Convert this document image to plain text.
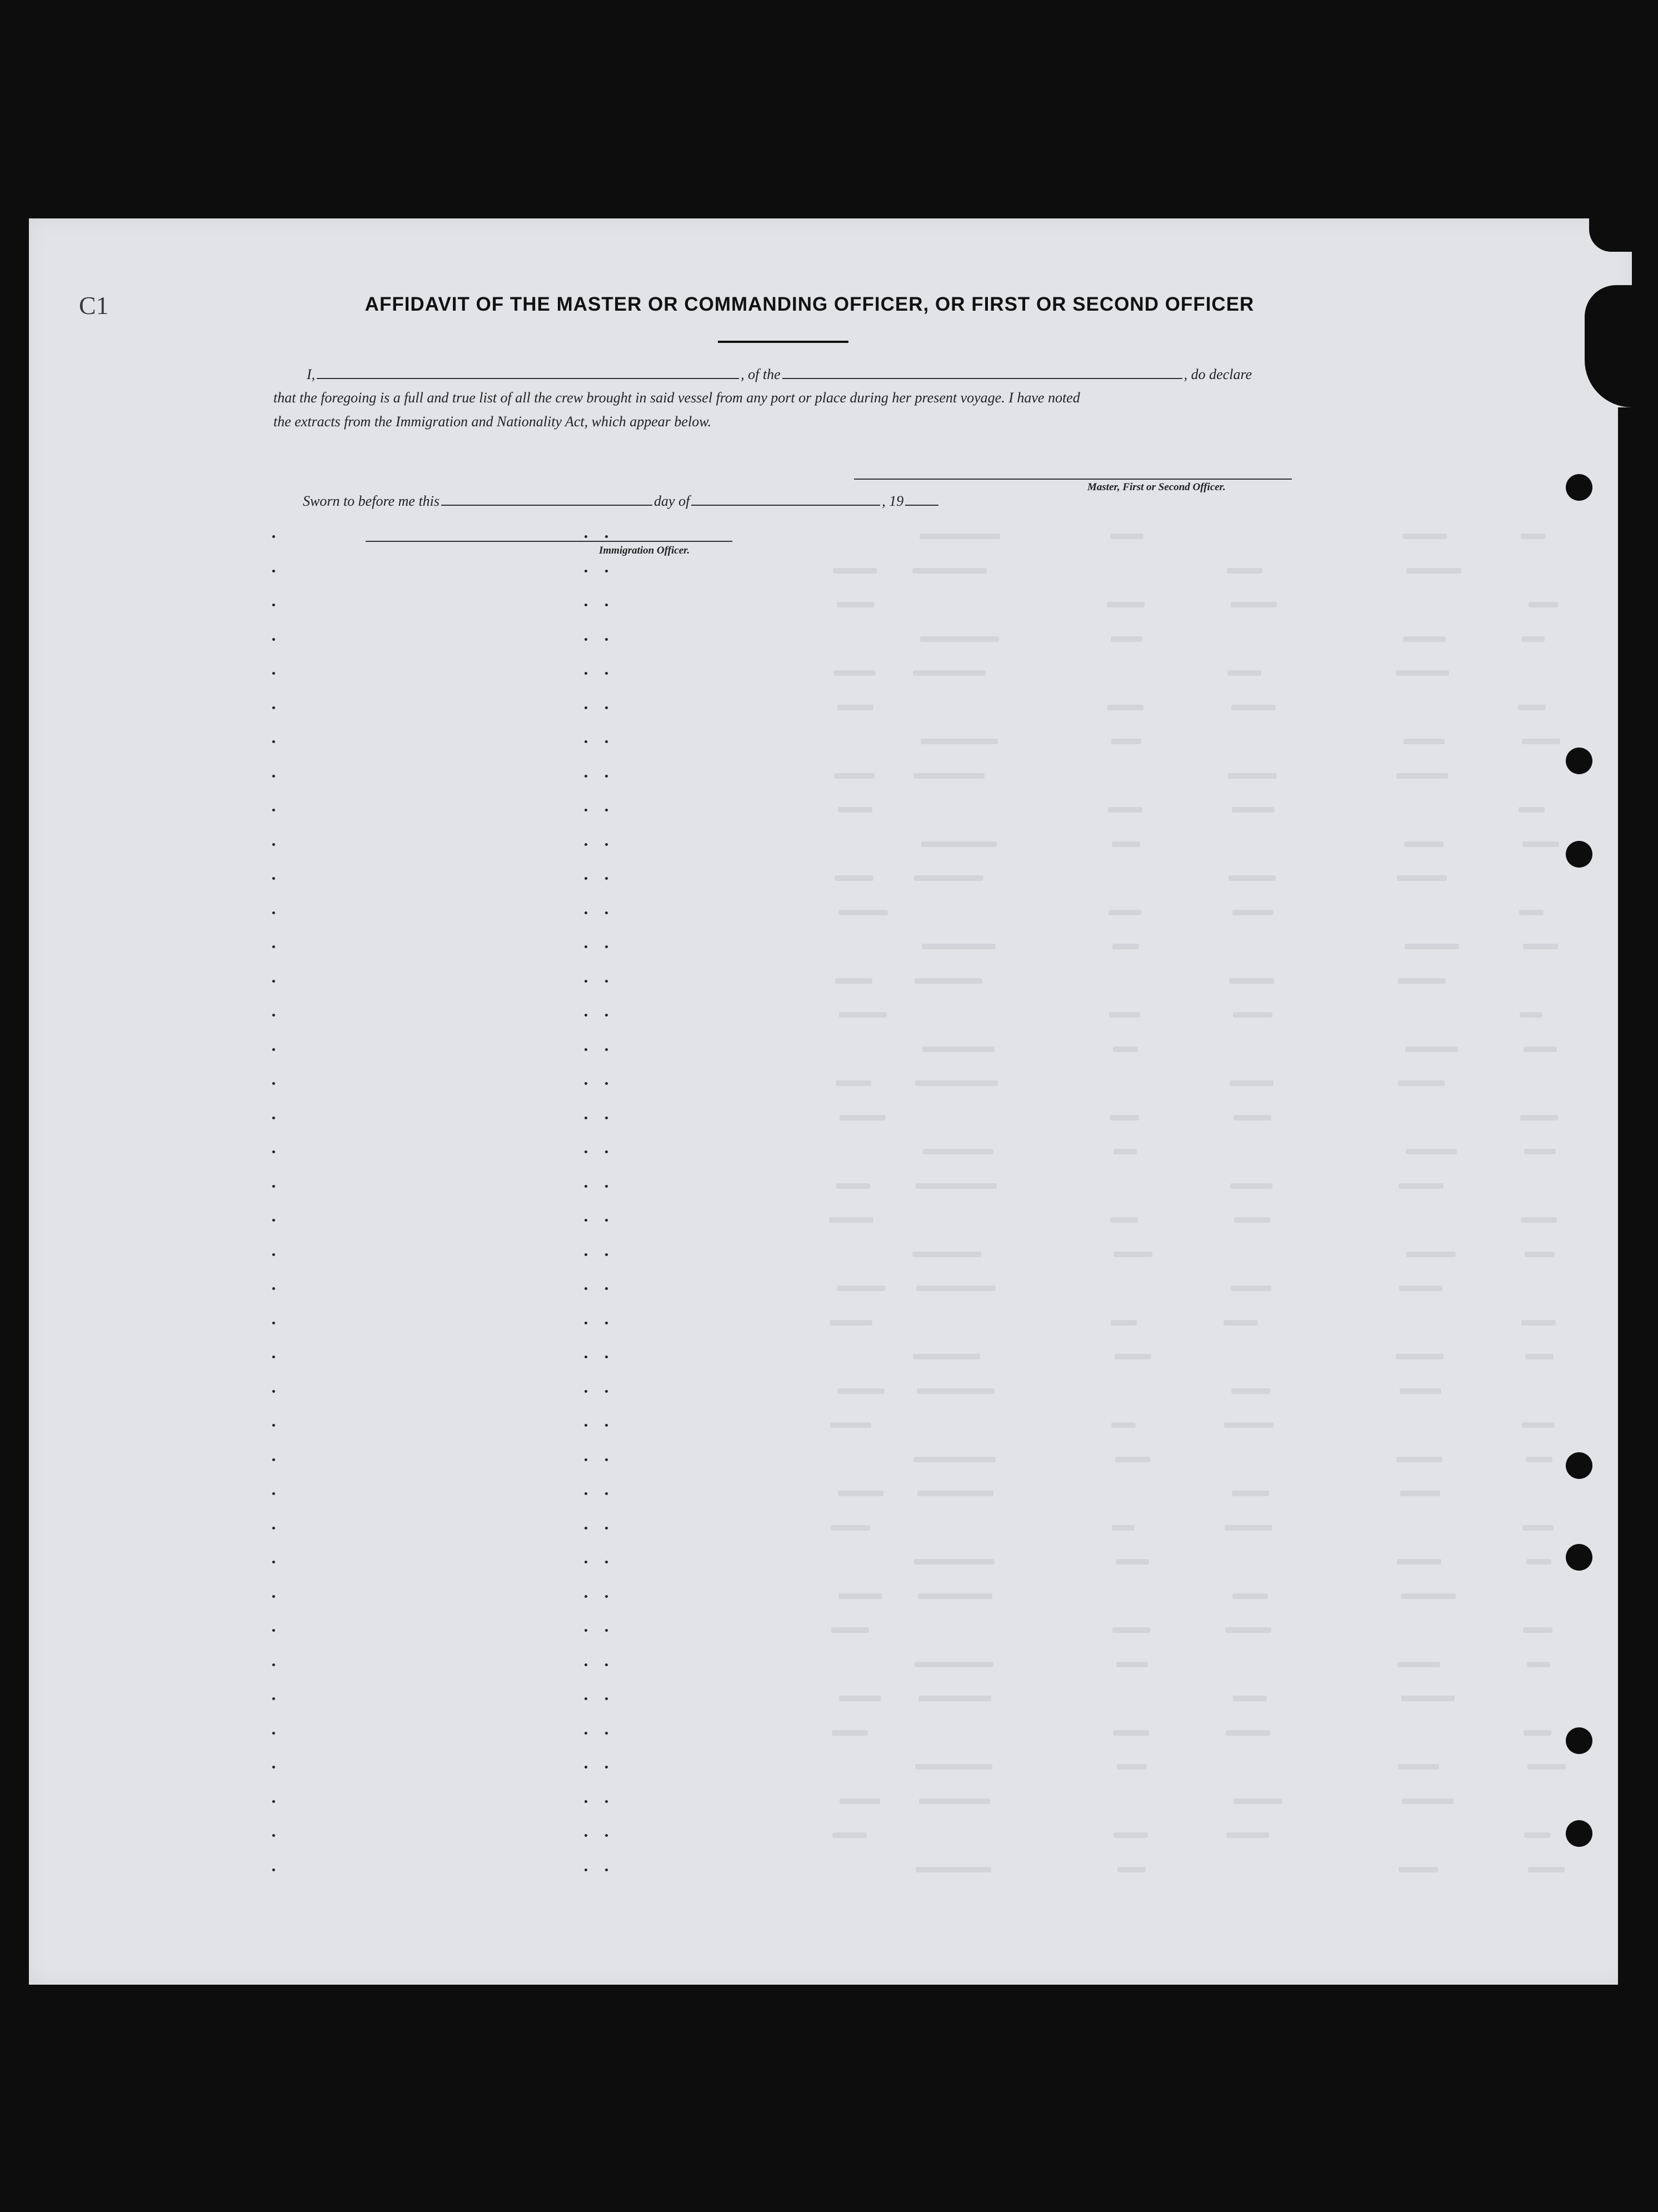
C1	AFFIDAVIT OF THE MASTER OR COMMANDING OFFICER, OR FIRST OR SECOND OFFICER
I,	, of the	, do declare
that the foregoing is a full and true list of all the crew brought in said vessel from any port or place during her present voyage. I have noted
the extracts from the Immigration and Nationality Act, which appear below.
Master, First or Second Officer.
Sworn to before me this	day of	, 19
Immigration Officer.
